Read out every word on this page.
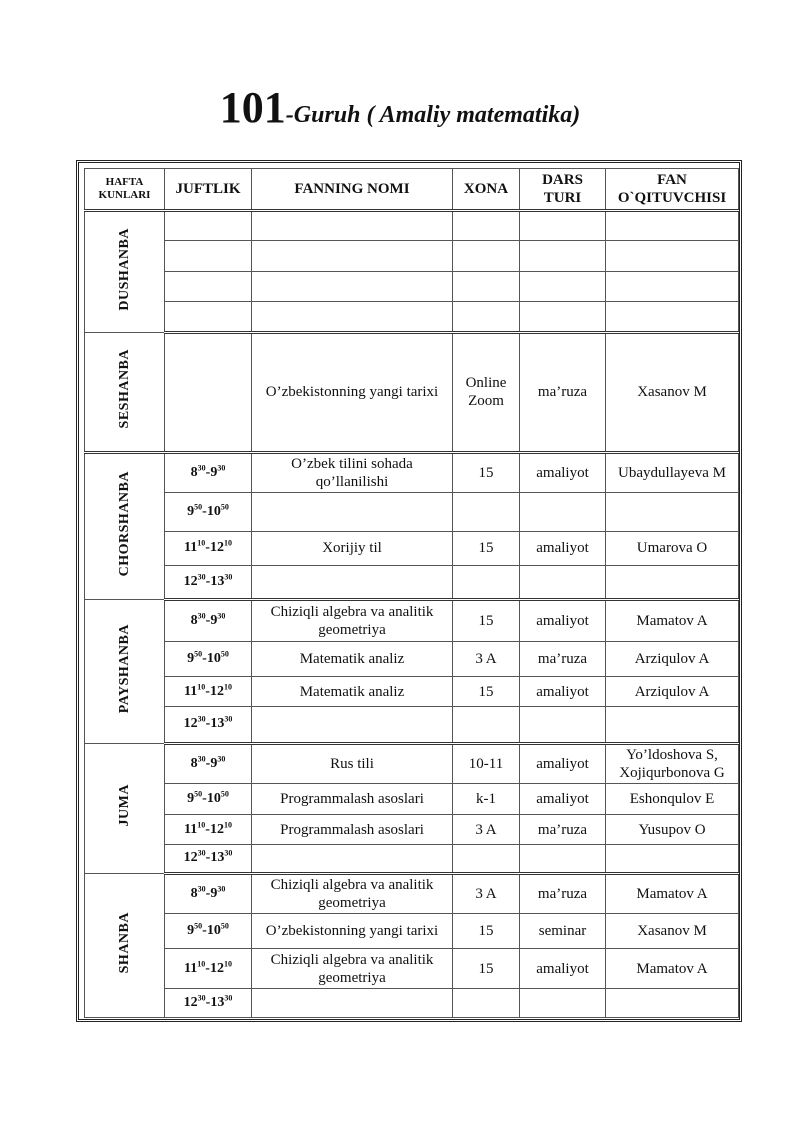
101-Guruh ( Amaliy matematika)
HAFTA KUNLARI	JUFTLIK	FANNING NOMI	XONA	DARS TURI	FAN O`QITUVCHISI
DUSHANBA					

SESHANBA		O’zbekistonning yangi tarixi	Online Zoom	ma’ruza	Xasanov M
CHORSHANBA	$8^{30}-9^{30}$	O’zbek tilini sohada qo’llanilishi	15	amaliyot	Ubaydullayeva M
	$9^{50}-10^{50}$				
	$11^{10}-12^{10}$	Xorijiy til	15	amaliyot	Umarova O
	$12^{30}-13^{30}$				
PAYSHANBA	$8^{30}-9^{30}$	Chiziqli algebra va analitik geometriya	15	amaliyot	Mamatov A
	$9^{50}-10^{50}$	Matematik analiz	3 A	ma’ruza	Arziqulov A
	$11^{10}-12^{10}$	Matematik analiz	15	amaliyot	Arziqulov A
	$12^{30}-13^{30}$				
JUMA	$8^{30}-9^{30}$	Rus tili	10-11	amaliyot	Yo’ldoshova S, Xojiqurbonova G
	$9^{50}-10^{50}$	Programmalash asoslari	k-1	amaliyot	Eshonqulov E
	$11^{10}-12^{10}$	Programmalash asoslari	3 A	ma’ruza	Yusupov O
	$12^{30}-13^{30}$				
SHANBA	$8^{30}-9^{30}$	Chiziqli algebra va analitik geometriya	3 A	ma’ruza	Mamatov A
	$9^{50}-10^{50}$	O’zbekistonning yangi tarixi	15	seminar	Xasanov M
	$11^{10}-12^{10}$	Chiziqli algebra va analitik geometriya	15	amaliyot	Mamatov A
	$12^{30}-13^{30}$				
